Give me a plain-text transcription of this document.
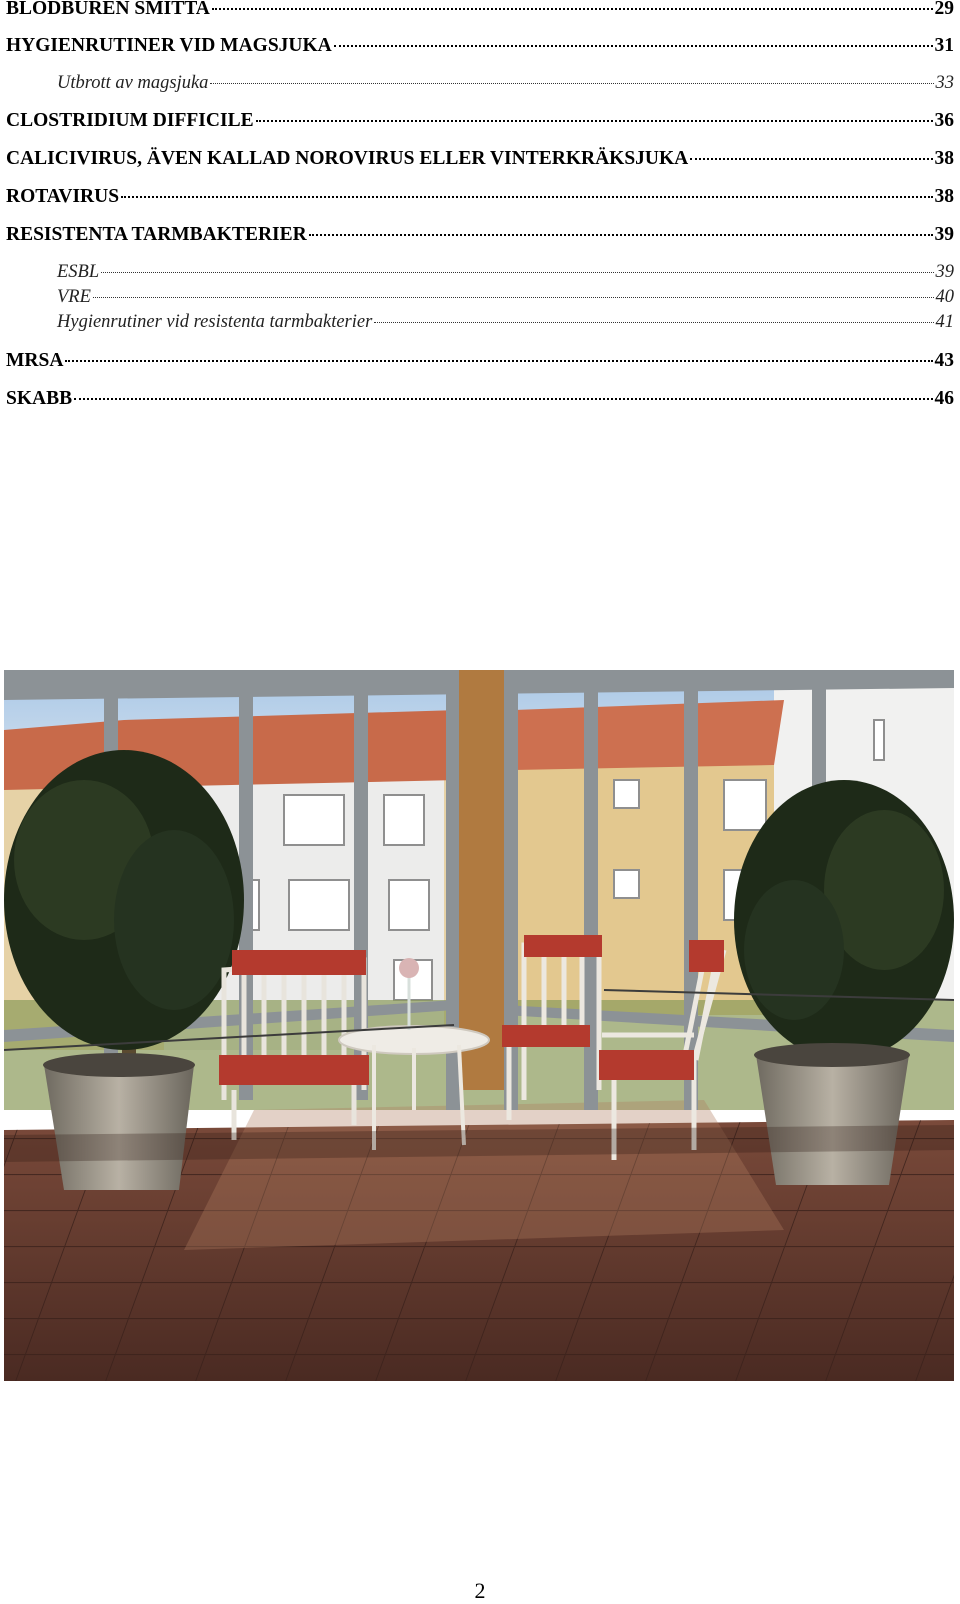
BLODBUREN SMITTA	29
HYGIENRUTINER VID MAGSJUKA	31
Utbrott av magsjuka	33
CLOSTRIDIUM DIFFICILE	36
CALICIVIRUS, ÄVEN KALLAD NOROVIRUS ELLER VINTERKRÄKSJUKA	38
ROTAVIRUS	38
RESISTENTA TARMBAKTERIER	39
ESBL	39
VRE	40
Hygienrutiner vid resistenta tarmbakterier	41
MRSA	43
SKABB	46
2
